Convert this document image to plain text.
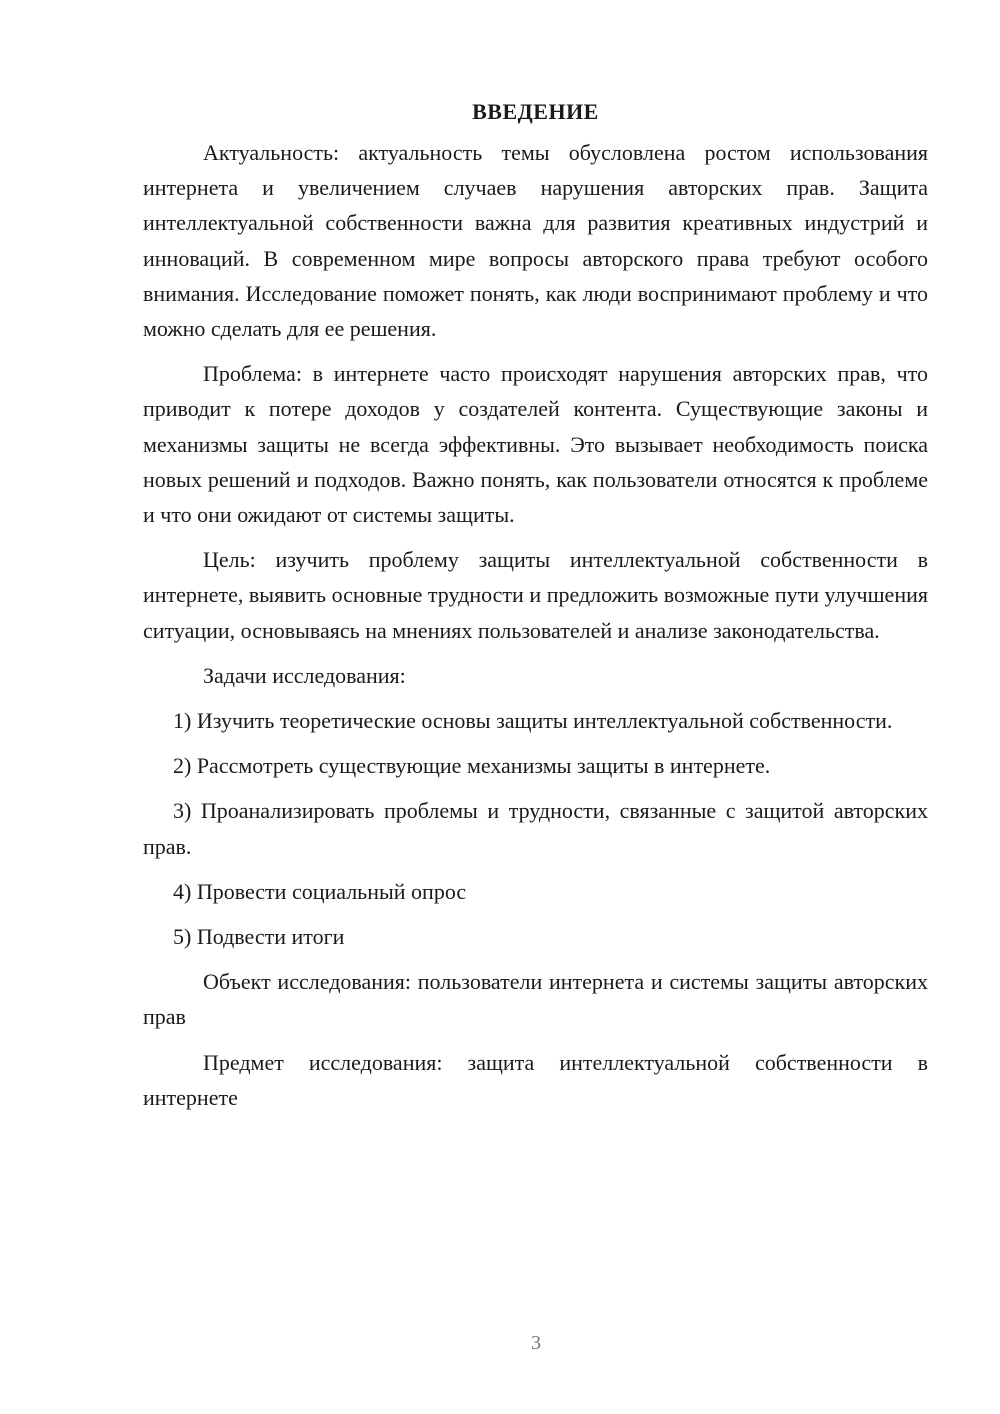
ВВЕДЕНИЕ

Актуальность: актуальность темы обусловлена ростом использования интернета и увеличением случаев нарушения авторских прав. Защита интеллектуальной собственности важна для развития креативных индустрий и инноваций. В современном мире вопросы авторского права требуют особого внимания. Исследование поможет понять, как люди воспринимают проблему и что можно сделать для ее решения.

Проблема: в интернете часто происходят нарушения авторских прав, что приводит к потере доходов у создателей контента. Существующие законы и механизмы защиты не всегда эффективны. Это вызывает необходимость поиска новых решений и подходов. Важно понять, как пользователи относятся к проблеме и что они ожидают от системы защиты.

Цель: изучить проблему защиты интеллектуальной собственности в интернете, выявить основные трудности и предложить возможные пути улучшения ситуации, основываясь на мнениях пользователей и анализе законодательства.

Задачи исследования:

1) Изучить теоретические основы защиты интеллектуальной собственности.

2) Рассмотреть существующие механизмы защиты в интернете.

3) Проанализировать проблемы и трудности, связанные с защитой авторских прав.

4) Провести социальный опрос

5) Подвести итоги

Объект исследования: пользователи интернета и системы защиты авторских прав

Предмет исследования: защита интеллектуальной собственности в интернете

3
